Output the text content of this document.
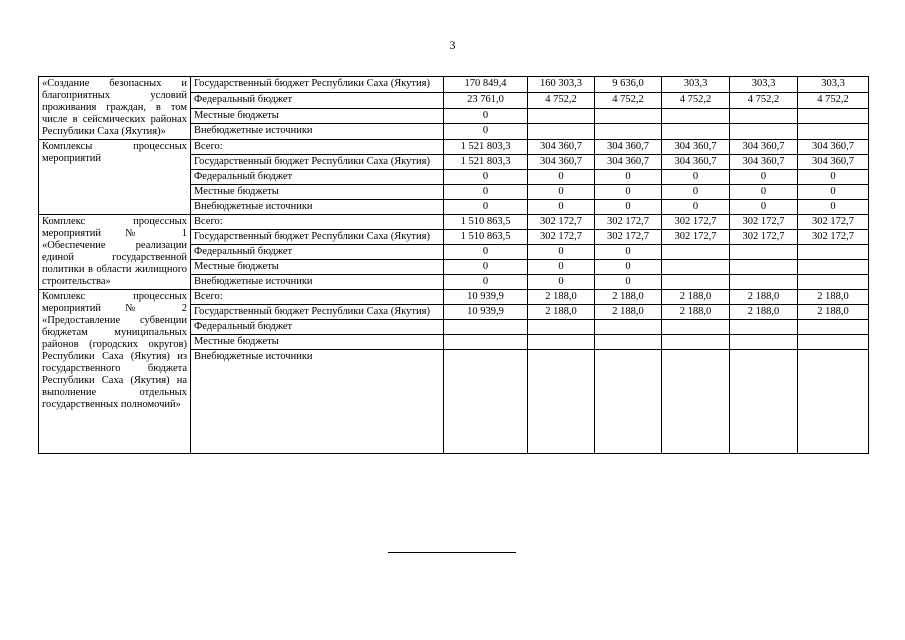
3
«Создание безопасных и благоприятных условий проживания граждан, в том числе в сейсмических районах Республики Саха (Якутия)»	Государственный бюджет Республики Саха (Якутия)	170 849,4	160 303,3	9 636,0	303,3	303,3	303,3
	Федеральный бюджет	23 761,0	4 752,2	4 752,2	4 752,2	4 752,2	4 752,2
	Местные бюджеты	0					
	Внебюджетные источники	0					
Комплексы процессных мероприятий	Всего:	1 521 803,3	304 360,7	304 360,7	304 360,7	304 360,7	304 360,7
	Государственный бюджет Республики Саха (Якутия)	1 521 803,3	304 360,7	304 360,7	304 360,7	304 360,7	304 360,7
	Федеральный бюджет	0	0	0	0	0	0
	Местные бюджеты	0	0	0	0	0	0
	Внебюджетные источники	0	0	0	0	0	0
Комплекс процессных мероприятий № 1 «Обеспечение реализации единой государственной политики в области жилищного строительства»	Всего:	1 510 863,5	302 172,7	302 172,7	302 172,7	302 172,7	302 172,7
	Государственный бюджет Республики Саха (Якутия)	1 510 863,5	302 172,7	302 172,7	302 172,7	302 172,7	302 172,7
	Федеральный бюджет	0	0	0			
	Местные бюджеты	0	0	0			
	Внебюджетные источники	0	0	0			
Комплекс процессных мероприятий № 2 «Предоставление субвенции бюджетам муниципальных районов (городских округов) Республики Саха (Якутия) из государственного бюджета Республики Саха (Якутия) на выполнение отдельных государственных полномочий»	Всего:	10 939,9	2 188,0	2 188,0	2 188,0	2 188,0	2 188,0
	Государственный бюджет Республики Саха (Якутия)	10 939,9	2 188,0	2 188,0	2 188,0	2 188,0	2 188,0
	Федеральный бюджет						
	Местные бюджеты						
	Внебюджетные источники						
